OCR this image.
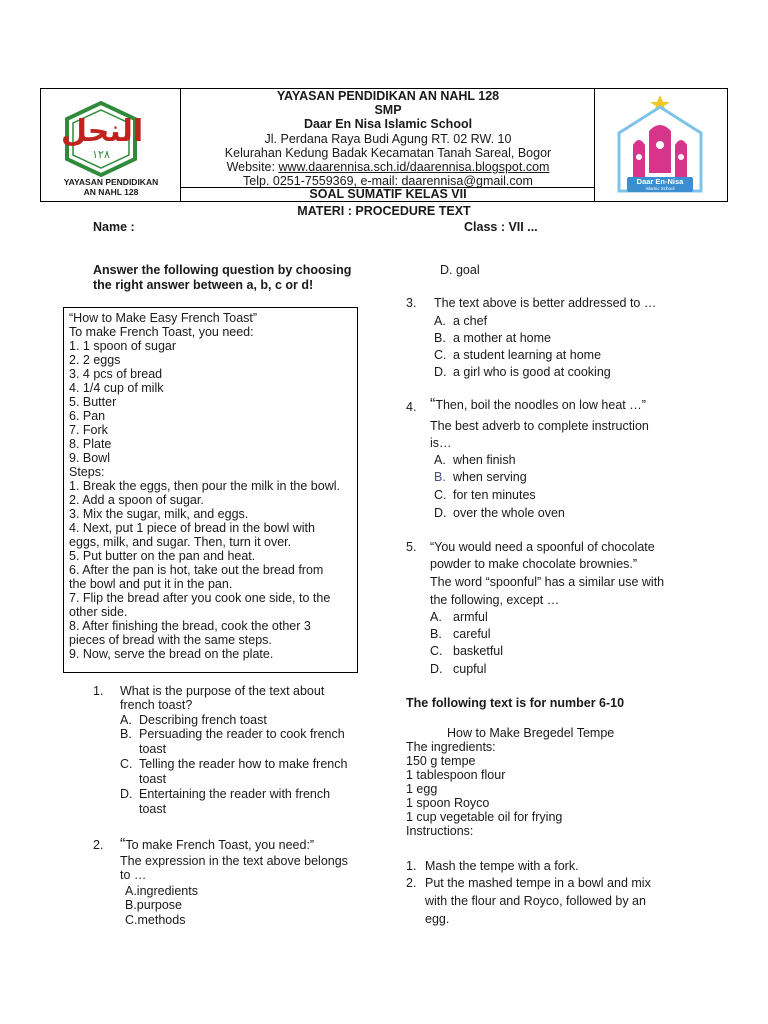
النحل
١٢٨
YAYASAN PENDIDIKAN
AN NAHL 128
YAYASAN PENDIDIKAN AN NAHL 128
SMP
Daar En Nisa Islamic School
Jl. Perdana Raya Budi Agung RT. 02 RW. 10
Kelurahan Kedung Badak Kecamatan Tanah Sareal, Bogor
Website: www.daarennisa.sch.id/daarennisa.blogspot.com
Telp. 0251-7559369, e-mail: daarennisa@gmail.com
SOAL SUMATIF KELAS VII
Daar En-Nisa
Islamic School
MATERI : PROCEDURE TEXT
Name :	Class : VII ...
Answer the following question by choosing
the right answer between a, b, c or d!
“How to Make Easy French Toast”
To make French Toast, you need:
1. 1 spoon of sugar
2. 2 eggs
3. 4 pcs of bread
4. 1/4 cup of milk
5. Butter
6. Pan
7. Fork
8. Plate
9. Bowl
Steps:
1. Break the eggs, then pour the milk in the bowl.
2. Add a spoon of sugar.
3. Mix the sugar, milk, and eggs.
4. Next, put 1 piece of bread in the bowl with
eggs, milk, and sugar. Then, turn it over.
5. Put butter on the pan and heat.
6. After the pan is hot, take out the bread from
the bowl and put it in the pan.
7. Flip the bread after you cook one side, to the
other side.
8. After finishing the bread, cook the other 3
pieces of bread with the same steps.
9. Now, serve the bread on the plate.
1. What is the purpose of the text about
french toast?
A. Describing french toast
B. Persuading the reader to cook french
toast
C. Telling the reader how to make french
toast
D. Entertaining the reader with french
toast
2. “To make French Toast, you need:”
The expression in the text above belongs
to …
A.ingredients
B.purpose
C.methods
D. goal
3. The text above is better addressed to …
A. a chef
B. a mother at home
C. a student learning at home
D. a girl who is good at cooking
4. “Then, boil the noodles on low heat …”
The best adverb to complete instruction
is…
A. when finish
B. when serving
C. for ten minutes
D. over the whole oven
5. “You would need a spoonful of chocolate
powder to make chocolate brownies.”
The word “spoonful” has a similar use with
the following, except …
A. armful
B. careful
C. basketful
D. cupful
The following text is for number 6-10
How to Make Bregedel Tempe
The ingredients:
150 g tempe
1 tablespoon flour
1 egg
1 spoon Royco
1 cup vegetable oil for frying
Instructions:
1. Mash the tempe with a fork.
2. Put the mashed tempe in a bowl and mix
with the flour and Royco, followed by an
egg.
